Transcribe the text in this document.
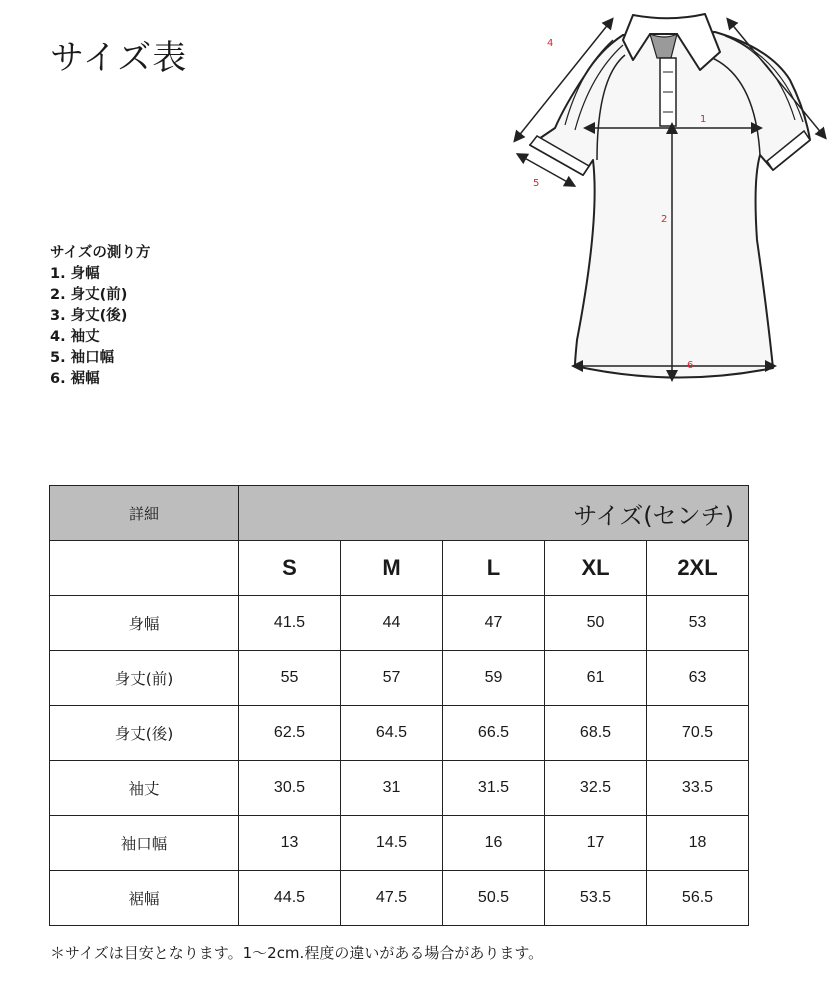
サイズ表
サイズの測り方
1. 身幅
2. 身丈(前)
3. 身丈(後)
4. 袖丈
5. 袖口幅
6. 裾幅
1
2
4
5
6
詳細	サイズ(センチ)				
	S	M	L	XL	2XL
身幅	41.5	44	47	50	53
身丈(前)	55	57	59	61	63
身丈(後)	62.5	64.5	66.5	68.5	70.5
袖丈	30.5	31	31.5	32.5	33.5
袖口幅	13	14.5	16	17	18
裾幅	44.5	47.5	50.5	53.5	56.5
＊サイズは目安となります。1〜2cm.程度の違いがある場合があります。
